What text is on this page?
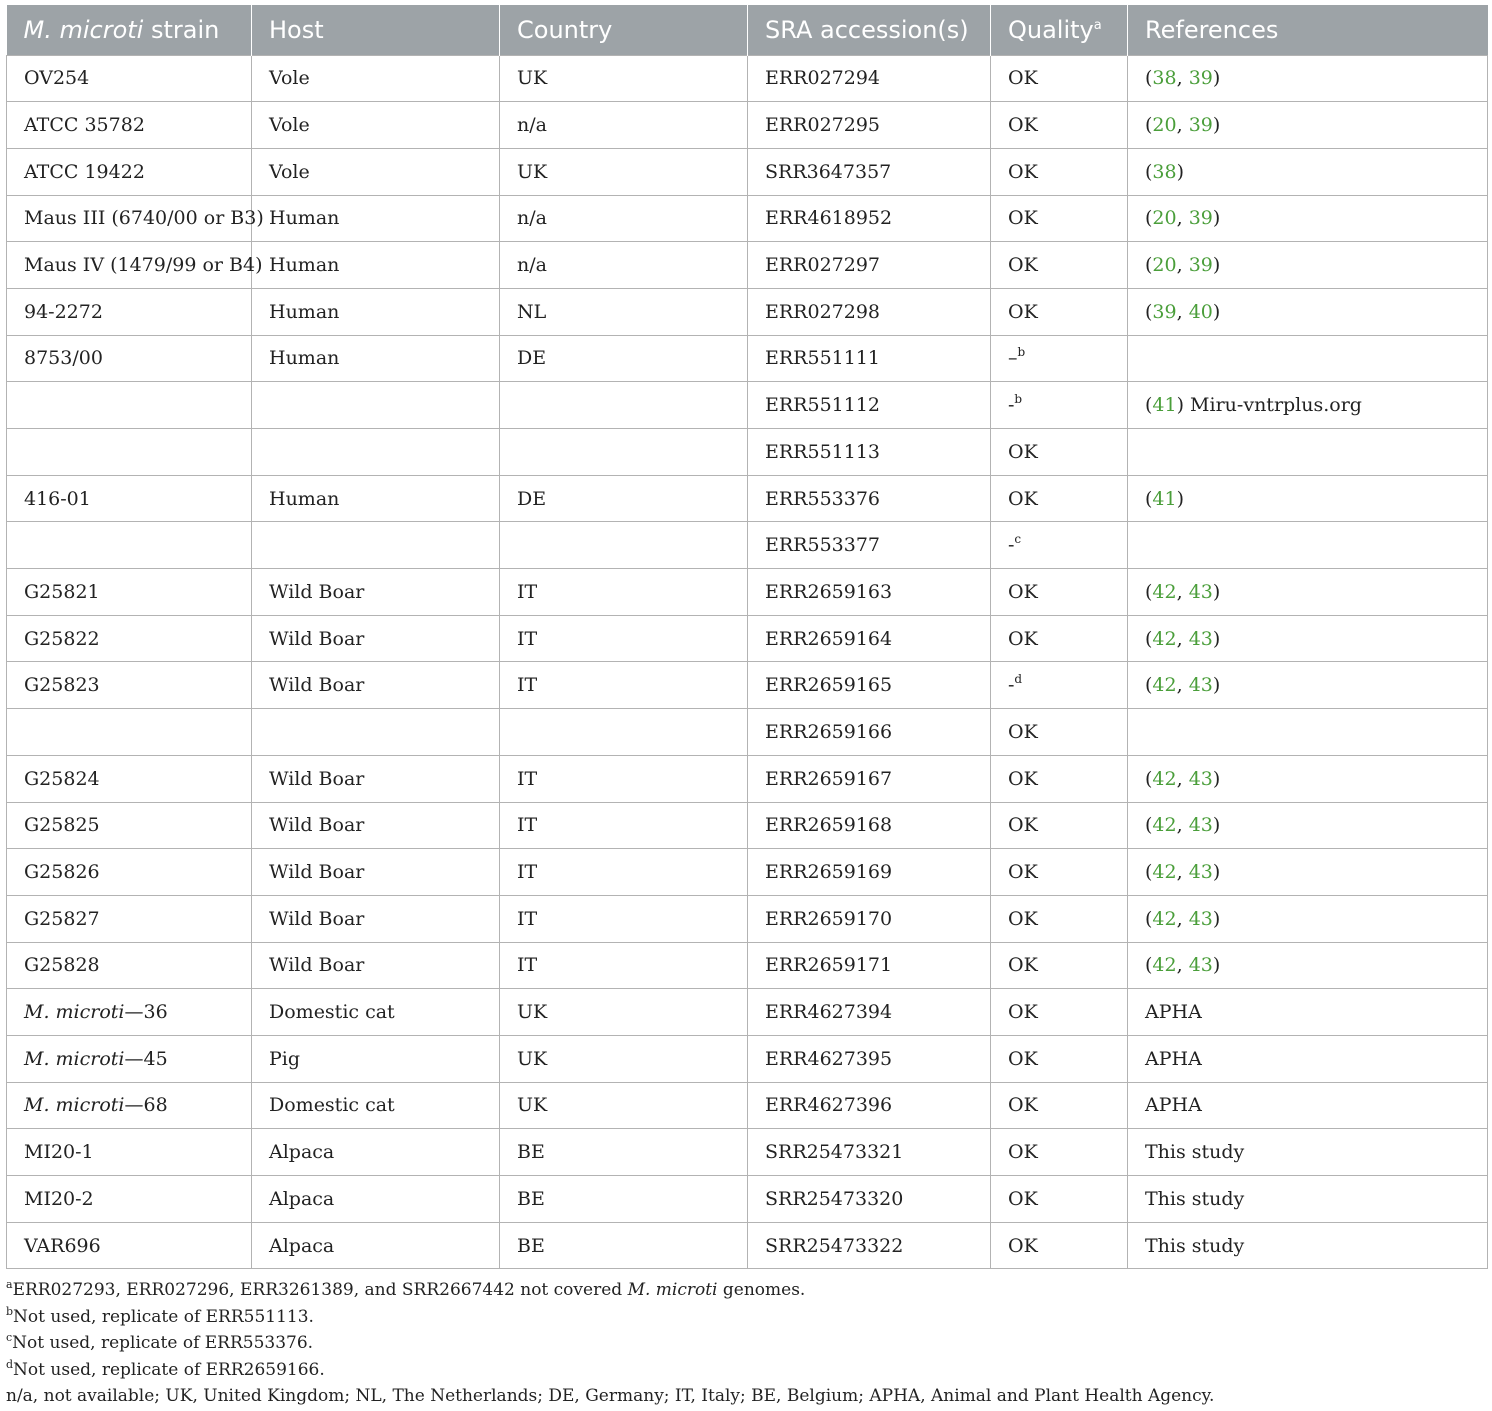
M. microti strain	Host	Country	SRA accession(s)	Quality$^a$	References
OV254	Vole	UK	ERR027294	OK	(38, 39)
ATCC 35782	Vole	n/a	ERR027295	OK	(20, 39)
ATCC 19422	Vole	UK	SRR3647357	OK	(38)
Maus III (6740/00 or B3)	Human	n/a	ERR4618952	OK	(20, 39)
Maus IV (1479/99 or B4)	Human	n/a	ERR027297	OK	(20, 39)
94-2272	Human	NL	ERR027298	OK	(39, 40)
8753/00	Human	DE	ERR551111	–$^b$	
			ERR551112	-$^b$	(41) Miru-vntrplus.org
			ERR551113	OK	
416-01	Human	DE	ERR553376	OK	(41)
			ERR553377	-$^c$	
G25821	Wild Boar	IT	ERR2659163	OK	(42, 43)
G25822	Wild Boar	IT	ERR2659164	OK	(42, 43)
G25823	Wild Boar	IT	ERR2659165	-$^d$	(42, 43)
			ERR2659166	OK	
G25824	Wild Boar	IT	ERR2659167	OK	(42, 43)
G25825	Wild Boar	IT	ERR2659168	OK	(42, 43)
G25826	Wild Boar	IT	ERR2659169	OK	(42, 43)
G25827	Wild Boar	IT	ERR2659170	OK	(42, 43)
G25828	Wild Boar	IT	ERR2659171	OK	(42, 43)
M. microti—36	Domestic cat	UK	ERR4627394	OK	APHA
M. microti—45	Pig	UK	ERR4627395	OK	APHA
M. microti—68	Domestic cat	UK	ERR4627396	OK	APHA
MI20-1	Alpaca	BE	SRR25473321	OK	This study
MI20-2	Alpaca	BE	SRR25473320	OK	This study
VAR696	Alpaca	BE	SRR25473322	OK	This study
$^a$ERR027293, ERR027296, ERR3261389, and SRR2667442 not covered M. microti genomes.
$^b$Not used, replicate of ERR551113.
$^c$Not used, replicate of ERR553376.
$^d$Not used, replicate of ERR2659166.
n/a, not available; UK, United Kingdom; NL, The Netherlands; DE, Germany; IT, Italy; BE, Belgium; APHA, Animal and Plant Health Agency.
